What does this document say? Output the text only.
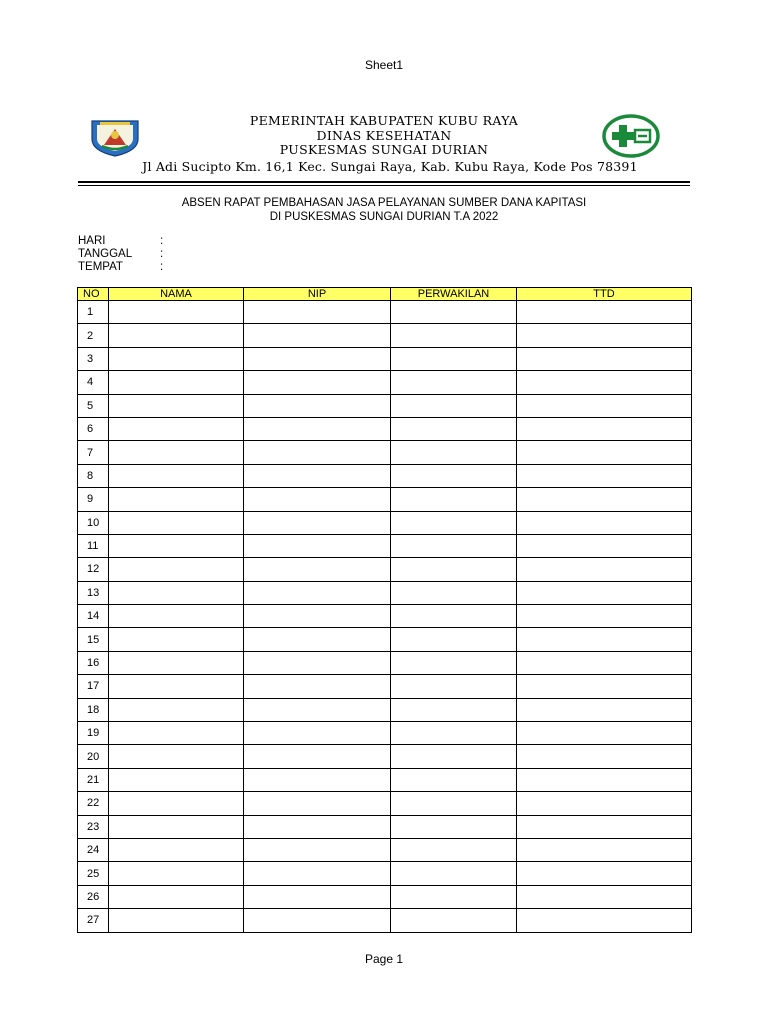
Sheet1
PEMERINTAH KABUPATEN KUBU RAYA
DINAS KESEHATAN
PUSKESMAS SUNGAI DURIAN
Jl Adi Sucipto Km. 16,1 Kec. Sungai Raya, Kab. Kubu Raya, Kode Pos 78391
ABSEN RAPAT PEMBAHASAN JASA PELAYANAN SUMBER DANA KAPITASI
DI PUSKESMAS SUNGAI DURIAN T.A 2022
HARI	:
TANGGAL	:
TEMPAT	:
NO	NAMA	NIP	PERWAKILAN	TTD
1				
2				
3				
4				
5				
6				
7				
8				
9				
10				
11				
12				
13				
14				
15				
16				
17				
18				
19				
20				
21				
22				
23				
24				
25				
26				
27				
Page 1
